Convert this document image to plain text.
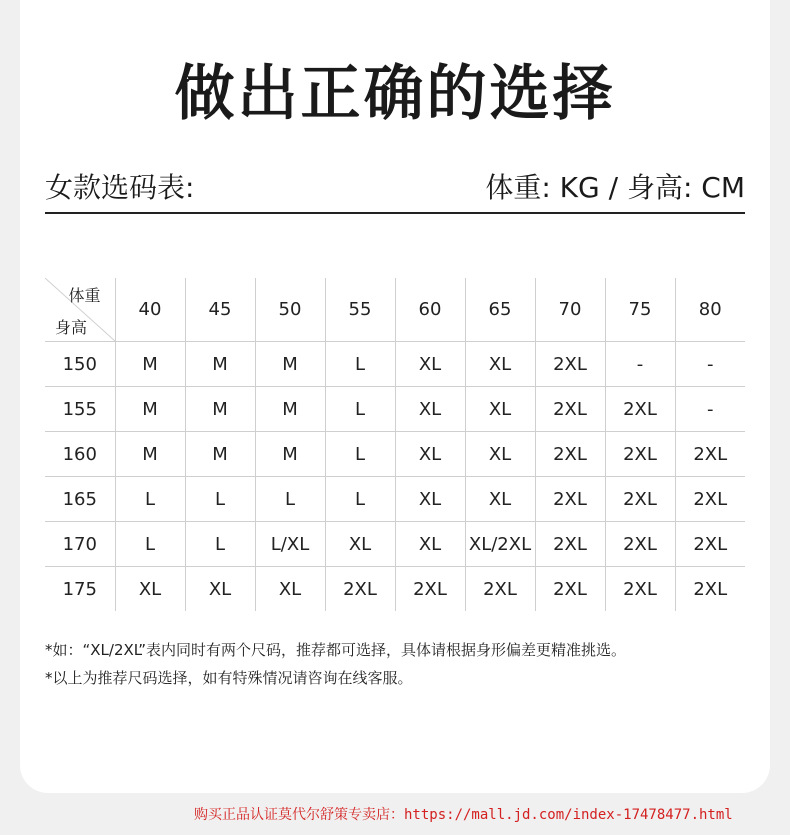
做出正确的选择
女款选码表:	体重: KG / 身高: CM
体重
身高	40	45	50	55	60	65	70	75	80
150	M	M	M	L	XL	XL	2XL	-	-
155	M	M	M	L	XL	XL	2XL	2XL	-
160	M	M	M	L	XL	XL	2XL	2XL	2XL
165	L	L	L	L	XL	XL	2XL	2XL	2XL
170	L	L	L/XL	XL	XL	XL/2XL	2XL	2XL	2XL
175	XL	XL	XL	2XL	2XL	2XL	2XL	2XL	2XL
*如：“XL/2XL”表内同时有两个尺码，推荐都可选择，具体请根据身形偏差更精准挑选。
*以上为推荐尺码选择，如有特殊情况请咨询在线客服。
购买正品认证莫代尔舒策专卖店：https://mall.jd.com/index-17478477.html
